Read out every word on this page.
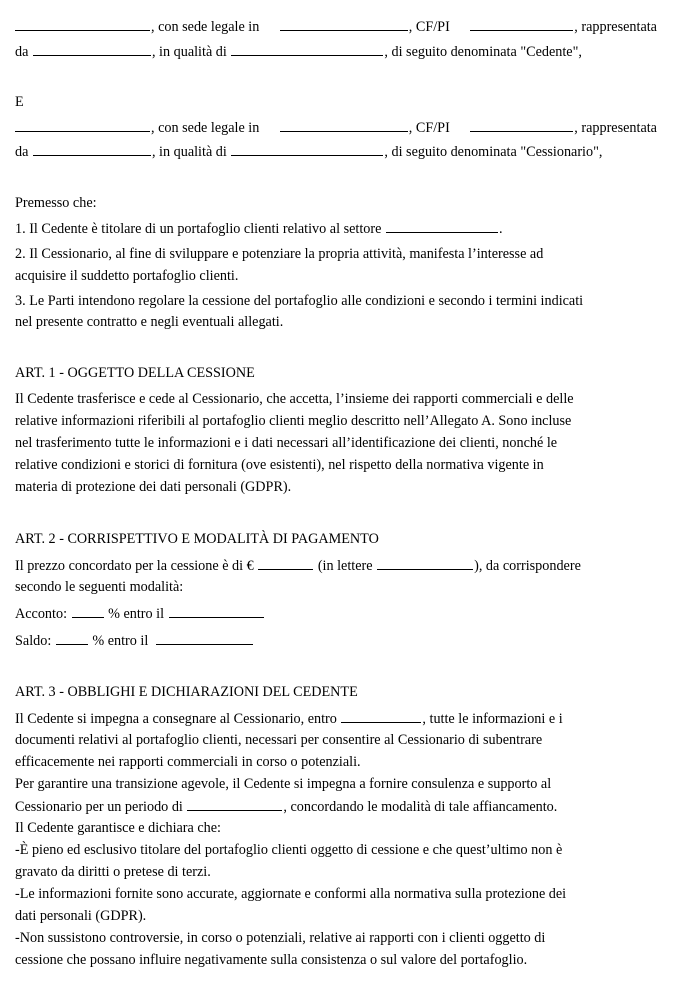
, con sede legale in	, CF/PI	, rappresentata
da	, in qualità di	, di seguito denominata "Cedente",
E
, con sede legale in	, CF/PI	, rappresentata
da	, in qualità di	, di seguito denominata "Cessionario",
Premesso che:
1. Il Cedente è titolare di un portafoglio clienti relativo al settore	.
2. Il Cessionario, al fine di sviluppare e potenziare la propria attività, manifesta l’interesse ad
acquisire il suddetto portafoglio clienti.
3. Le Parti intendono regolare la cessione del portafoglio alle condizioni e secondo i termini indicati
nel presente contratto e negli eventuali allegati.
ART. 1 - OGGETTO DELLA CESSIONE
Il Cedente trasferisce e cede al Cessionario, che accetta, l’insieme dei rapporti commerciali e delle
relative informazioni riferibili al portafoglio clienti meglio descritto nell’Allegato A. Sono incluse
nel trasferimento tutte le informazioni e i dati necessari all’identificazione dei clienti, nonché le
relative condizioni e storici di fornitura (ove esistenti), nel rispetto della normativa vigente in
materia di protezione dei dati personali (GDPR).
ART. 2 - CORRISPETTIVO E MODALITÀ DI PAGAMENTO
Il prezzo concordato per la cessione è di €	(in lettere	), da corrispondere
secondo le seguenti modalità:
Acconto:	% entro il
Saldo:	% entro il
ART. 3 - OBBLIGHI E DICHIARAZIONI DEL CEDENTE
Il Cedente si impegna a consegnare al Cessionario, entro	, tutte le informazioni e i
documenti relativi al portafoglio clienti, necessari per consentire al Cessionario di subentrare
efficacemente nei rapporti commerciali in corso o potenziali.
Per garantire una transizione agevole, il Cedente si impegna a fornire consulenza e supporto al
Cessionario per un periodo di	, concordando le modalità di tale affiancamento.
Il Cedente garantisce e dichiara che:
-È pieno ed esclusivo titolare del portafoglio clienti oggetto di cessione e che quest’ultimo non è
gravato da diritti o pretese di terzi.
-Le informazioni fornite sono accurate, aggiornate e conformi alla normativa sulla protezione dei
dati personali (GDPR).
-Non sussistono controversie, in corso o potenziali, relative ai rapporti con i clienti oggetto di
cessione che possano influire negativamente sulla consistenza o sul valore del portafoglio.
